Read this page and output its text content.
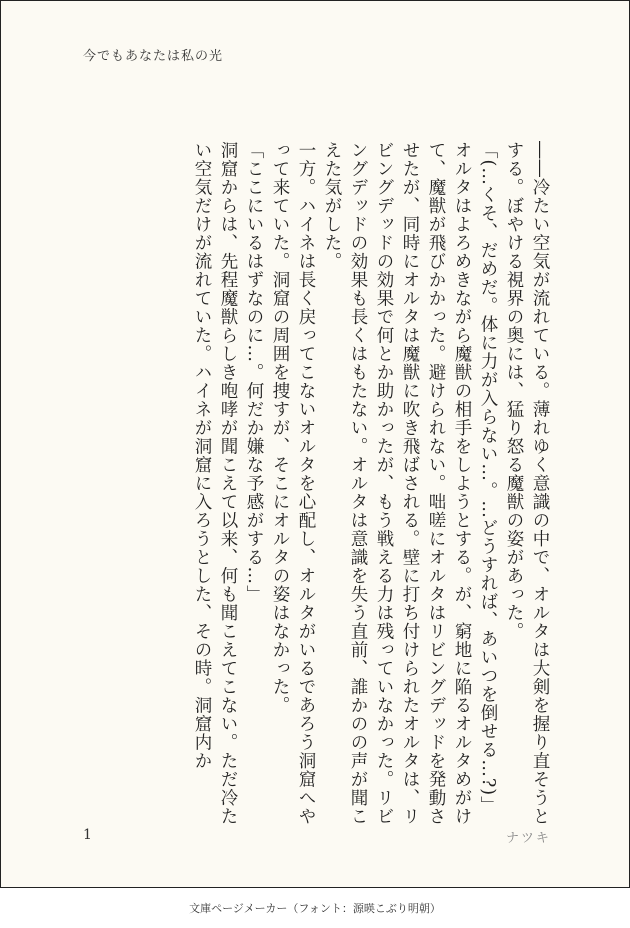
今でもあなたは私の光

――冷たい空気が流れている。薄れゆく意識の中で、オルタは大剣を握り直そうとする。ぼやける視界の奥には、猛り怒る魔獣の姿があった。

「(…くそ、だめだ。体に力が入らない…。…どうすれば、あいつを倒せる…?)」

オルタはよろめきながら魔獣の相手をしようとする。が、窮地に陥るオルタめがけて、魔獣が飛びかかった。避けられない。咄嗟にオルタはリビングデッドを発動させたが、同時にオルタは魔獣に吹き飛ばされる。壁に打ち付けられたオルタは、リビングデッドの効果で何とか助かったが、もう戦える力は残っていなかった。リビングデッドの効果も長くはもたない。オルタは意識を失う直前、誰かのの声が聞こえた気がした。

一方。ハイネは長く戻ってこないオルタを心配し、オルタがいるであろう洞窟へやって来ていた。洞窟の周囲を捜すが、そこにオルタの姿はなかった。

「ここにいるはずなのに…。何だか嫌な予感がする…」

洞窟からは、先程魔獣らしき咆哮が聞こえて以来、何も聞こえてこない。ただ冷たい空気だけが流れていた。ハイネが洞窟に入ろうとした、その時。洞窟内か

1	ナツキ
文庫ページメーカー（フォント：源暎こぶり明朝）
